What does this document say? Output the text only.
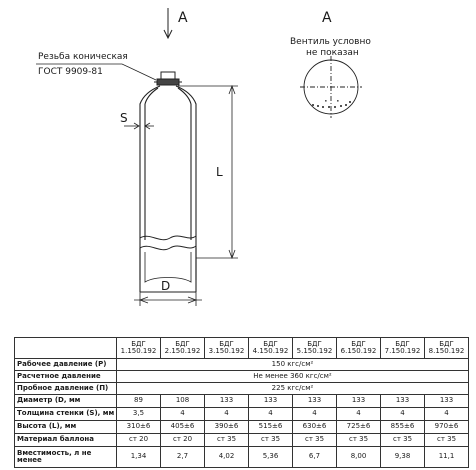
А
Резьба коническая
ГОСТ 9909-81
S
L
D
А
Вентиль условно
не показан
	БДГ 1.150.192	БДГ 2.150.192	БДГ 3.150.192	БДГ 4.150.192	БДГ 5.150.192	БДГ 6.150.192	БДГ 7.150.192	БДГ 8.150.192
Рабочее давление (Р)	150 кгс/см²							
Расчетное давление	Не менее 360 кгс/см²							
Пробное давление (П)	225 кгс/см²							
Диаметр (D, мм	89	108	133	133	133	133	133	133
Толщина стенки (S), мм	3,5	4	4	4	4	4	4	4
Высота (L), мм	310±6	405±6	390±6	515±6	630±6	725±6	855±6	970±6
Материал баллона	ст 20	ст 20	ст 35	ст 35	ст 35	ст 35	ст 35	ст 35
Вместимость, л не менее	1,34	2,7	4,02	5,36	6,7	8,00	9,38	11,1
